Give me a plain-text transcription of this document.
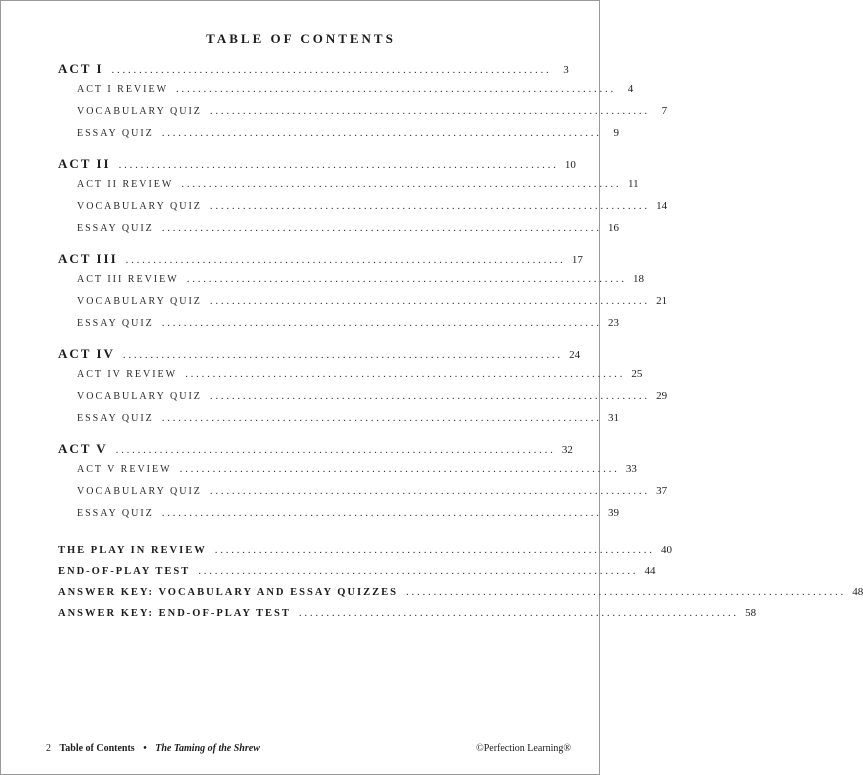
TABLE OF CONTENTS
ACT I . . . . . . . . . . . . . . . . . . . . . . . . . . . . . . . . . . . . . . . . . . . . . . . . . . . . . . . . . . . . . . . . . . . . . . . . . . . . . . . .	3
ACT I REVIEW . . . . . . . . . . . . . . . . . . . . . . . . . . . . . . . . . . . . . . . . . . . . . . . . . . . . . . . . . . . . . . . . . . . . . . . . . . . . . . . .	4
VOCABULARY QUIZ . . . . . . . . . . . . . . . . . . . . . . . . . . . . . . . . . . . . . . . . . . . . . . . . . . . . . . . . . . . . . . . . . . . . . . . . . . . . . . . .	7
ESSAY QUIZ . . . . . . . . . . . . . . . . . . . . . . . . . . . . . . . . . . . . . . . . . . . . . . . . . . . . . . . . . . . . . . . . . . . . . . . . . . . . . . . .	9
ACT II . . . . . . . . . . . . . . . . . . . . . . . . . . . . . . . . . . . . . . . . . . . . . . . . . . . . . . . . . . . . . . . . . . . . . . . . . . . . . . . . 10
ACT II REVIEW . . . . . . . . . . . . . . . . . . . . . . . . . . . . . . . . . . . . . . . . . . . . . . . . . . . . . . . . . . . . . . . . . . . . . . . . . . . . . . . . 11
VOCABULARY QUIZ . . . . . . . . . . . . . . . . . . . . . . . . . . . . . . . . . . . . . . . . . . . . . . . . . . . . . . . . . . . . . . . . . . . . . . . . . . . . . . . . 14
ESSAY QUIZ . . . . . . . . . . . . . . . . . . . . . . . . . . . . . . . . . . . . . . . . . . . . . . . . . . . . . . . . . . . . . . . . . . . . . . . . . . . . . . . . 16
ACT III . . . . . . . . . . . . . . . . . . . . . . . . . . . . . . . . . . . . . . . . . . . . . . . . . . . . . . . . . . . . . . . . . . . . . . . . . . . . . . . . 17
ACT III REVIEW . . . . . . . . . . . . . . . . . . . . . . . . . . . . . . . . . . . . . . . . . . . . . . . . . . . . . . . . . . . . . . . . . . . . . . . . . . . . . . . . 18
VOCABULARY QUIZ . . . . . . . . . . . . . . . . . . . . . . . . . . . . . . . . . . . . . . . . . . . . . . . . . . . . . . . . . . . . . . . . . . . . . . . . . . . . . . . . 21
ESSAY QUIZ . . . . . . . . . . . . . . . . . . . . . . . . . . . . . . . . . . . . . . . . . . . . . . . . . . . . . . . . . . . . . . . . . . . . . . . . . . . . . . . . 23
ACT IV . . . . . . . . . . . . . . . . . . . . . . . . . . . . . . . . . . . . . . . . . . . . . . . . . . . . . . . . . . . . . . . . . . . . . . . . . . . . . . . . 24
ACT IV REVIEW . . . . . . . . . . . . . . . . . . . . . . . . . . . . . . . . . . . . . . . . . . . . . . . . . . . . . . . . . . . . . . . . . . . . . . . . . . . . . . . . 25
VOCABULARY QUIZ . . . . . . . . . . . . . . . . . . . . . . . . . . . . . . . . . . . . . . . . . . . . . . . . . . . . . . . . . . . . . . . . . . . . . . . . . . . . . . . . 29
ESSAY QUIZ . . . . . . . . . . . . . . . . . . . . . . . . . . . . . . . . . . . . . . . . . . . . . . . . . . . . . . . . . . . . . . . . . . . . . . . . . . . . . . . . 31
ACT V . . . . . . . . . . . . . . . . . . . . . . . . . . . . . . . . . . . . . . . . . . . . . . . . . . . . . . . . . . . . . . . . . . . . . . . . . . . . . . . . 32
ACT V REVIEW . . . . . . . . . . . . . . . . . . . . . . . . . . . . . . . . . . . . . . . . . . . . . . . . . . . . . . . . . . . . . . . . . . . . . . . . . . . . . . . . 33
VOCABULARY QUIZ . . . . . . . . . . . . . . . . . . . . . . . . . . . . . . . . . . . . . . . . . . . . . . . . . . . . . . . . . . . . . . . . . . . . . . . . . . . . . . . . 37
ESSAY QUIZ . . . . . . . . . . . . . . . . . . . . . . . . . . . . . . . . . . . . . . . . . . . . . . . . . . . . . . . . . . . . . . . . . . . . . . . . . . . . . . . . 39
THE PLAY IN REVIEW . . . . . . . . . . . . . . . . . . . . . . . . . . . . . . . . . . . . . . . . . . . . . . . . . . . . . . . . . . . . . . . . . . . . . . . . . . . . . . . . 40
END-OF-PLAY TEST . . . . . . . . . . . . . . . . . . . . . . . . . . . . . . . . . . . . . . . . . . . . . . . . . . . . . . . . . . . . . . . . . . . . . . . . . . . . . . . . 44
ANSWER KEY: VOCABULARY AND ESSAY QUIZZES . . . . . . . . . . . . . . . . . . . . . . . . . . . . . . . . . . . . . . . . . . . . . . . . . . . . . . . . . . . . . . . . . . . . . . . . . . . . . . . . 48
ANSWER KEY: END-OF-PLAY TEST . . . . . . . . . . . . . . . . . . . . . . . . . . . . . . . . . . . . . . . . . . . . . . . . . . . . . . . . . . . . . . . . . . . . . . . . . . . . . . . . 58
2 Table of Contents • The Taming of the Shrew	©Perfection Learning®
